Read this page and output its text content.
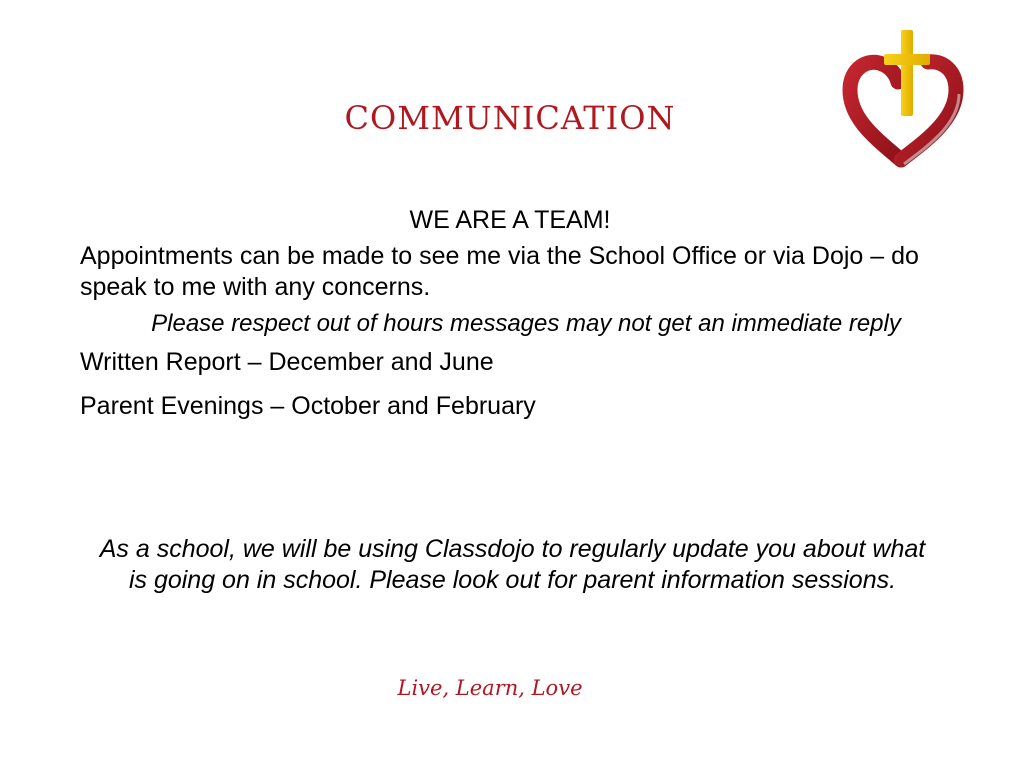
communication
WE ARE A TEAM!
Appointments can be made to see me via the School Office or via Dojo – do speak to me with any concerns.
Please respect out of hours messages may not get an immediate reply
Written Report – December and June
Parent Evenings – October and February
As a school, we will be using Classdojo to regularly update you about what is going on in school. Please look out for parent information sessions.
Live, Learn, Love
